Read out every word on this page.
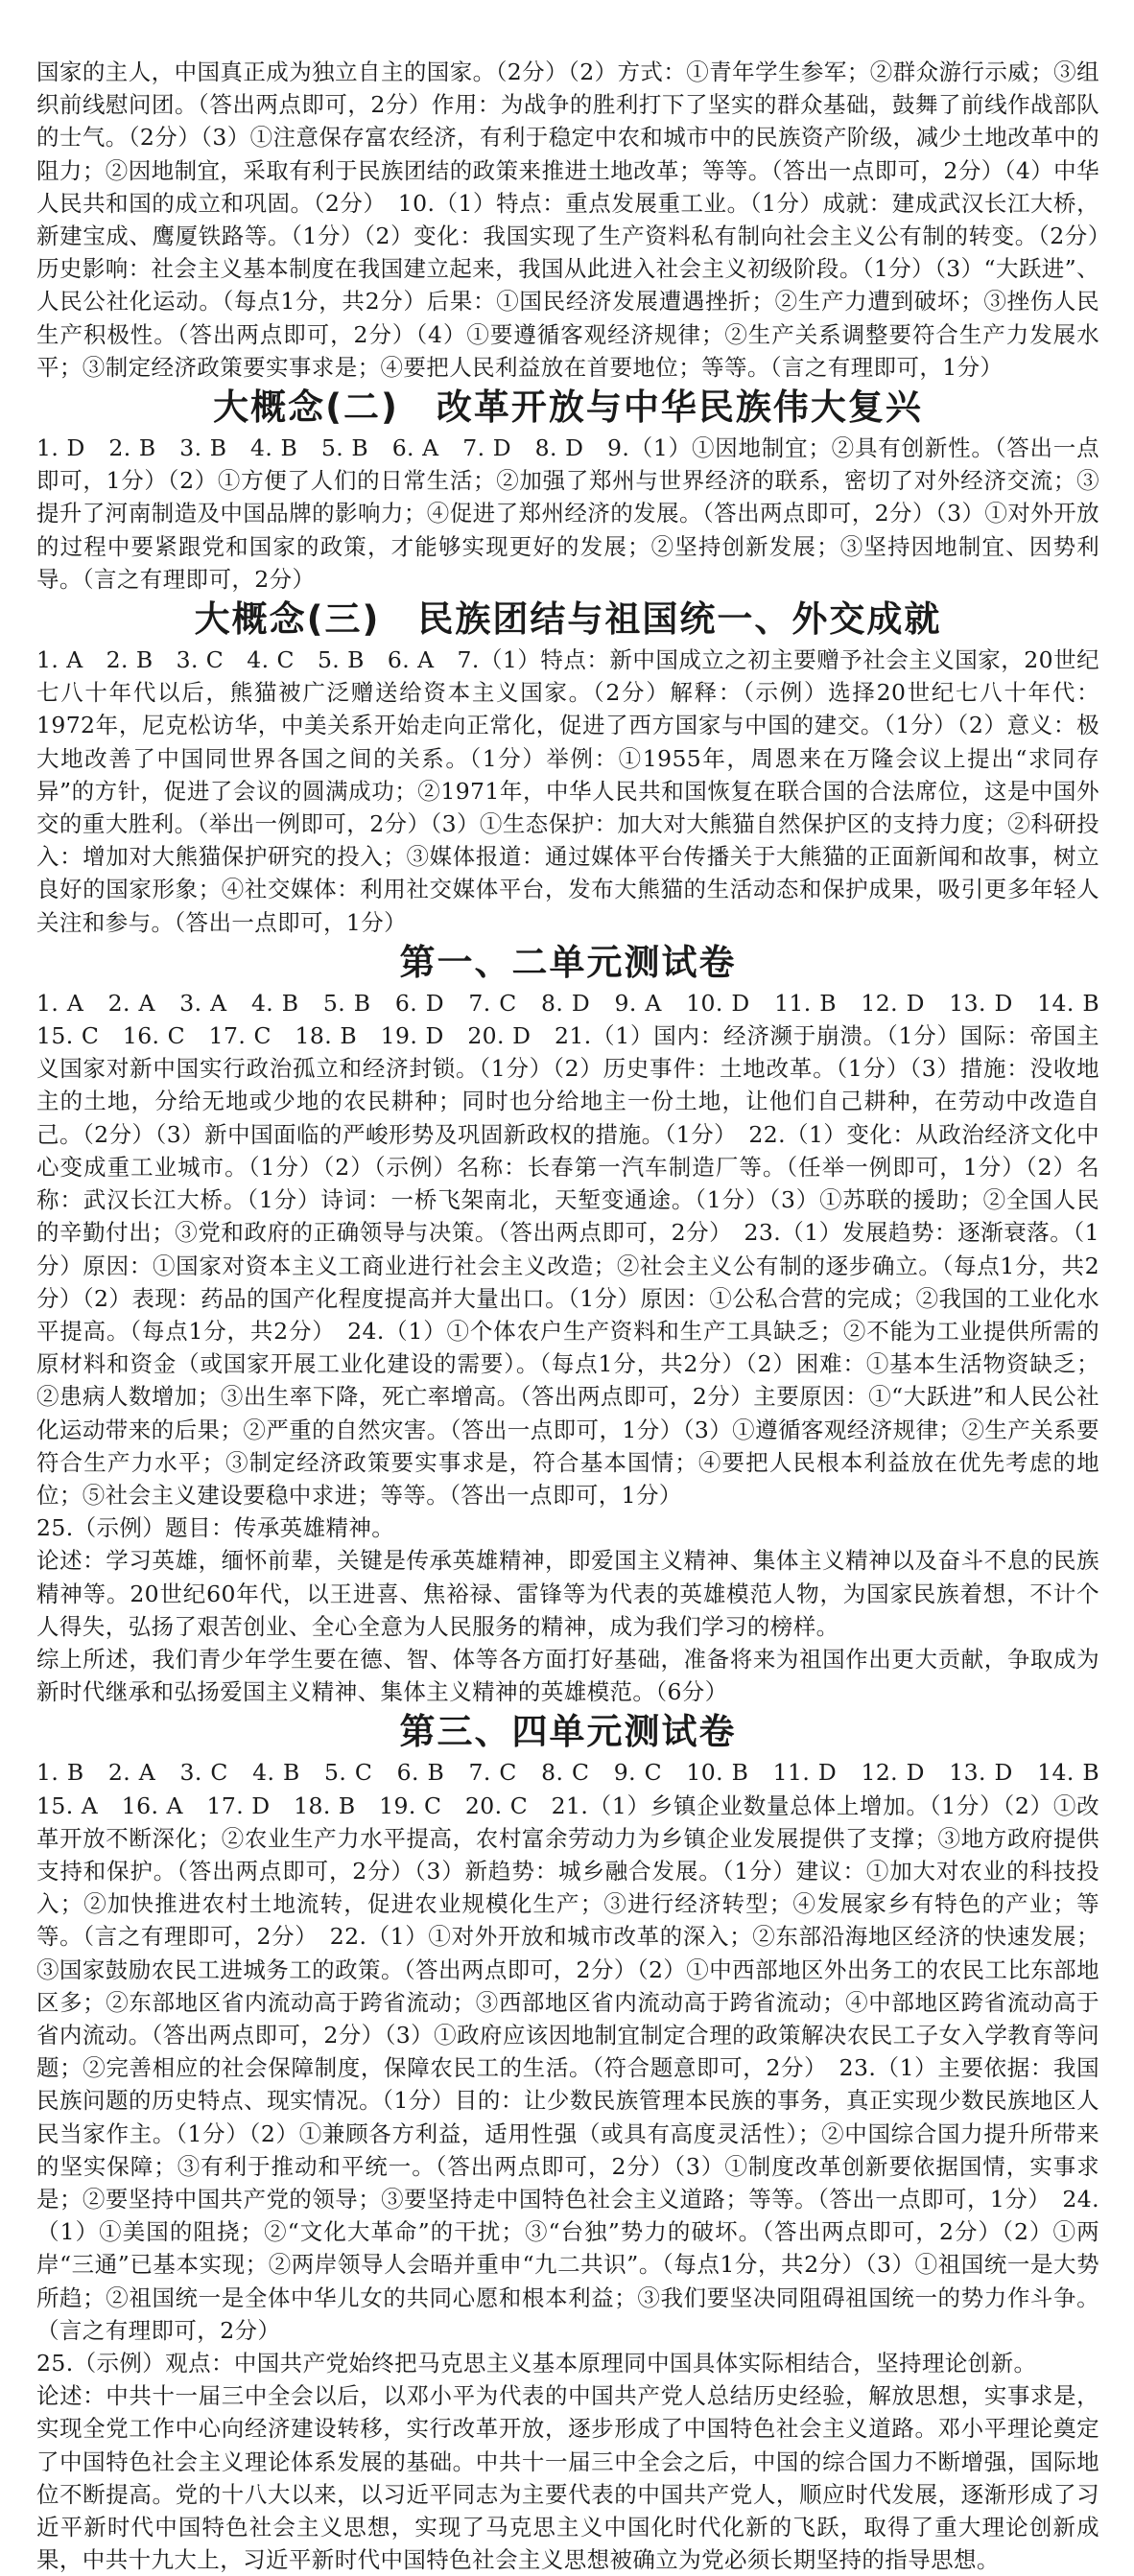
国家的主人，中国真正成为独立自主的国家。（2分）（2）方式：①青年学生参军；②群众游行示威；③组织前线慰问团。（答出两点即可，2分）作用：为战争的胜利打下了坚实的群众基础，鼓舞了前线作战部队的士气。（2分）（3）①注意保存富农经济，有利于稳定中农和城市中的民族资产阶级，减少土地改革中的阻力；②因地制宜，采取有利于民族团结的政策来推进土地改革；等等。（答出一点即可，2分）（4）中华人民共和国的成立和巩固。（2分）　10.（1）特点：重点发展重工业。（1分）成就：建成武汉长江大桥，新建宝成、鹰厦铁路等。（1分）（2）变化：我国实现了生产资料私有制向社会主义公有制的转变。（2分）历史影响：社会主义基本制度在我国建立起来，我国从此进入社会主义初级阶段。（1分）（3）“大跃进”、人民公社化运动。（每点1分，共2分）后果：①国民经济发展遭遇挫折；②生产力遭到破坏；③挫伤人民生产积极性。（答出两点即可，2分）（4）①要遵循客观经济规律；②生产关系调整要符合生产力发展水平；③制定经济政策要实事求是；④要把人民利益放在首要地位；等等。（言之有理即可，1分）

大概念(二)　改革开放与中华民族伟大复兴

1. D　2. B　3. B　4. B　5. B　6. A　7. D　8. D　9.（1）①因地制宜；②具有创新性。（答出一点即可，1分）（2）①方便了人们的日常生活；②加强了郑州与世界经济的联系，密切了对外经济交流；③提升了河南制造及中国品牌的影响力；④促进了郑州经济的发展。（答出两点即可，2分）（3）①对外开放的过程中要紧跟党和国家的政策，才能够实现更好的发展；②坚持创新发展；③坚持因地制宜、因势利导。（言之有理即可，2分）

大概念(三)　民族团结与祖国统一、外交成就

1. A　2. B　3. C　4. C　5. B　6. A　7.（1）特点：新中国成立之初主要赠予社会主义国家，20世纪七八十年代以后，熊猫被广泛赠送给资本主义国家。（2分）解释：（示例）选择20世纪七八十年代：1972年，尼克松访华，中美关系开始走向正常化，促进了西方国家与中国的建交。（1分）（2）意义：极大地改善了中国同世界各国之间的关系。（1分）举例：①1955年，周恩来在万隆会议上提出“求同存异”的方针，促进了会议的圆满成功；②1971年，中华人民共和国恢复在联合国的合法席位，这是中国外交的重大胜利。（举出一例即可，2分）（3）①生态保护：加大对大熊猫自然保护区的支持力度；②科研投入：增加对大熊猫保护研究的投入；③媒体报道：通过媒体平台传播关于大熊猫的正面新闻和故事，树立良好的国家形象；④社交媒体：利用社交媒体平台，发布大熊猫的生活动态和保护成果，吸引更多年轻人关注和参与。（答出一点即可，1分）

第一、二单元测试卷

1. A　2. A　3. A　4. B　5. B　6. D　7. C　8. D　9. A　10. D　11. B　12. D　13. D　14. B　15. C　16. C　17. C　18. B　19. D　20. D　21.（1）国内：经济濒于崩溃。（1分）国际：帝国主义国家对新中国实行政治孤立和经济封锁。（1分）（2）历史事件：土地改革。（1分）（3）措施：没收地主的土地，分给无地或少地的农民耕种；同时也分给地主一份土地，让他们自己耕种，在劳动中改造自己。（2分）（3）新中国面临的严峻形势及巩固新政权的措施。（1分）　22.（1）变化：从政治经济文化中心变成重工业城市。（1分）（2）（示例）名称：长春第一汽车制造厂等。（任举一例即可，1分）（2）名称：武汉长江大桥。（1分）诗词：一桥飞架南北，天堑变通途。（1分）（3）①苏联的援助；②全国人民的辛勤付出；③党和政府的正确领导与决策。（答出两点即可，2分）　23.（1）发展趋势：逐渐衰落。（1分）原因：①国家对资本主义工商业进行社会主义改造；②社会主义公有制的逐步确立。（每点1分，共2分）（2）表现：药品的国产化程度提高并大量出口。（1分）原因：①公私合营的完成；②我国的工业化水平提高。（每点1分，共2分）　24.（1）①个体农户生产资料和生产工具缺乏；②不能为工业提供所需的原材料和资金（或国家开展工业化建设的需要）。（每点1分，共2分）（2）困难：①基本生活物资缺乏；②患病人数增加；③出生率下降，死亡率增高。（答出两点即可，2分）主要原因：①“大跃进”和人民公社化运动带来的后果；②严重的自然灾害。（答出一点即可，1分）（3）①遵循客观经济规律；②生产关系要符合生产力水平；③制定经济政策要实事求是，符合基本国情；④要把人民根本利益放在优先考虑的地位；⑤社会主义建设要稳中求进；等等。（答出一点即可，1分）

25.（示例）题目：传承英雄精神。

论述：学习英雄，缅怀前辈，关键是传承英雄精神，即爱国主义精神、集体主义精神以及奋斗不息的民族精神等。20世纪60年代，以王进喜、焦裕禄、雷锋等为代表的英雄模范人物，为国家民族着想，不计个人得失，弘扬了艰苦创业、全心全意为人民服务的精神，成为我们学习的榜样。

综上所述，我们青少年学生要在德、智、体等各方面打好基础，准备将来为祖国作出更大贡献，争取成为新时代继承和弘扬爱国主义精神、集体主义精神的英雄模范。（6分）

第三、四单元测试卷

1. B　2. A　3. C　4. B　5. C　6. B　7. C　8. C　9. C　10. B　11. D　12. D　13. D　14. B　15. A　16. A　17. D　18. B　19. C　20. C　21.（1）乡镇企业数量总体上增加。（1分）（2）①改革开放不断深化；②农业生产力水平提高，农村富余劳动力为乡镇企业发展提供了支撑；③地方政府提供支持和保护。（答出两点即可，2分）（3）新趋势：城乡融合发展。（1分）建议：①加大对农业的科技投入；②加快推进农村土地流转，促进农业规模化生产；③进行经济转型；④发展家乡有特色的产业；等等。（言之有理即可，2分）　22.（1）①对外开放和城市改革的深入；②东部沿海地区经济的快速发展；③国家鼓励农民工进城务工的政策。（答出两点即可，2分）（2）①中西部地区外出务工的农民工比东部地区多；②东部地区省内流动高于跨省流动；③西部地区省内流动高于跨省流动；④中部地区跨省流动高于省内流动。（答出两点即可，2分）（3）①政府应该因地制宜制定合理的政策解决农民工子女入学教育等问题；②完善相应的社会保障制度，保障农民工的生活。（符合题意即可，2分）　23.（1）主要依据：我国民族问题的历史特点、现实情况。（1分）目的：让少数民族管理本民族的事务，真正实现少数民族地区人民当家作主。（1分）（2）①兼顾各方利益，适用性强（或具有高度灵活性）；②中国综合国力提升所带来的坚实保障；③有利于推动和平统一。（答出两点即可，2分）（3）①制度改革创新要依据国情，实事求是；②要坚持中国共产党的领导；③要坚持走中国特色社会主义道路；等等。（答出一点即可，1分）　24.（1）①美国的阻挠；②“文化大革命”的干扰；③“台独”势力的破坏。（答出两点即可，2分）（2）①两岸“三通”已基本实现；②两岸领导人会晤并重申“九二共识”。（每点1分，共2分）（3）①祖国统一是大势所趋；②祖国统一是全体中华儿女的共同心愿和根本利益；③我们要坚决同阻碍祖国统一的势力作斗争。（言之有理即可，2分）

25.（示例）观点：中国共产党始终把马克思主义基本原理同中国具体实际相结合，坚持理论创新。

论述：中共十一届三中全会以后，以邓小平为代表的中国共产党人总结历史经验，解放思想，实事求是，实现全党工作中心向经济建设转移，实行改革开放，逐步形成了中国特色社会主义道路。邓小平理论奠定了中国特色社会主义理论体系发展的基础。中共十一届三中全会之后，中国的综合国力不断增强，国际地位不断提高。党的十八大以来，以习近平同志为主要代表的中国共产党人，顺应时代发展，逐渐形成了习近平新时代中国特色社会主义思想，实现了马克思主义中国化时代化新的飞跃，取得了重大理论创新成果，中共十九大上，习近平新时代中国特色社会主义思想被确立为党必须长期坚持的指导思想。
